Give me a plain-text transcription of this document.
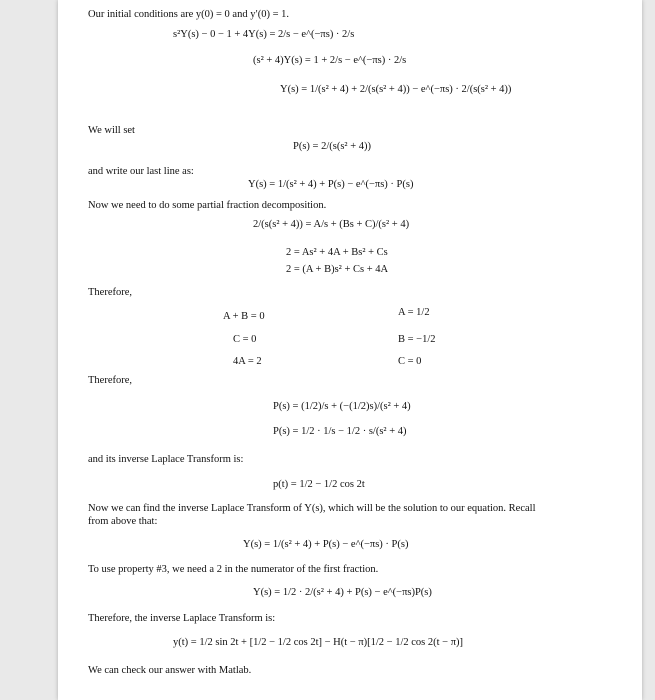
Our initial conditions are y(0) = 0 and y′(0) = 1.
s²Y(s) − 0 − 1 + 4Y(s) = 2/s − e^(−πs) · 2/s
(s² + 4)Y(s) = 1 + 2/s − e^(−πs) · 2/s
Y(s) = 1/(s² + 4) + 2/(s(s² + 4)) − e^(−πs) · 2/(s(s² + 4))
We will set
P(s) = 2/(s(s² + 4))
and write our last line as:
Y(s) = 1/(s² + 4) + P(s) − e^(−πs) · P(s)
Now we need to do some partial fraction decomposition.
2/(s(s² + 4)) = A/s + (Bs + C)/(s² + 4)
2 = As² + 4A + Bs² + Cs
2 = (A + B)s² + Cs + 4A
Therefore,
A + B = 0	A = 1/2
C = 0	B = −1/2
4A = 2	C = 0
Therefore,
P(s) = (1/2)/s + (−(1/2)s)/(s² + 4)
P(s) = 1/2 · 1/s − 1/2 · s/(s² + 4)
and its inverse Laplace Transform is:
p(t) = 1/2 − 1/2 cos 2t
Now we can find the inverse Laplace Transform of Y(s), which will be the solution to our equation. Recall
from above that:
Y(s) = 1/(s² + 4) + P(s) − e^(−πs) · P(s)
To use property #3, we need a 2 in the numerator of the first fraction.
Y(s) = 1/2 · 2/(s² + 4) + P(s) − e^(−πs)P(s)
Therefore, the inverse Laplace Transform is:
y(t) = 1/2 sin 2t + [1/2 − 1/2 cos 2t] − H(t − π)[1/2 − 1/2 cos 2(t − π)]
We can check our answer with Matlab.
